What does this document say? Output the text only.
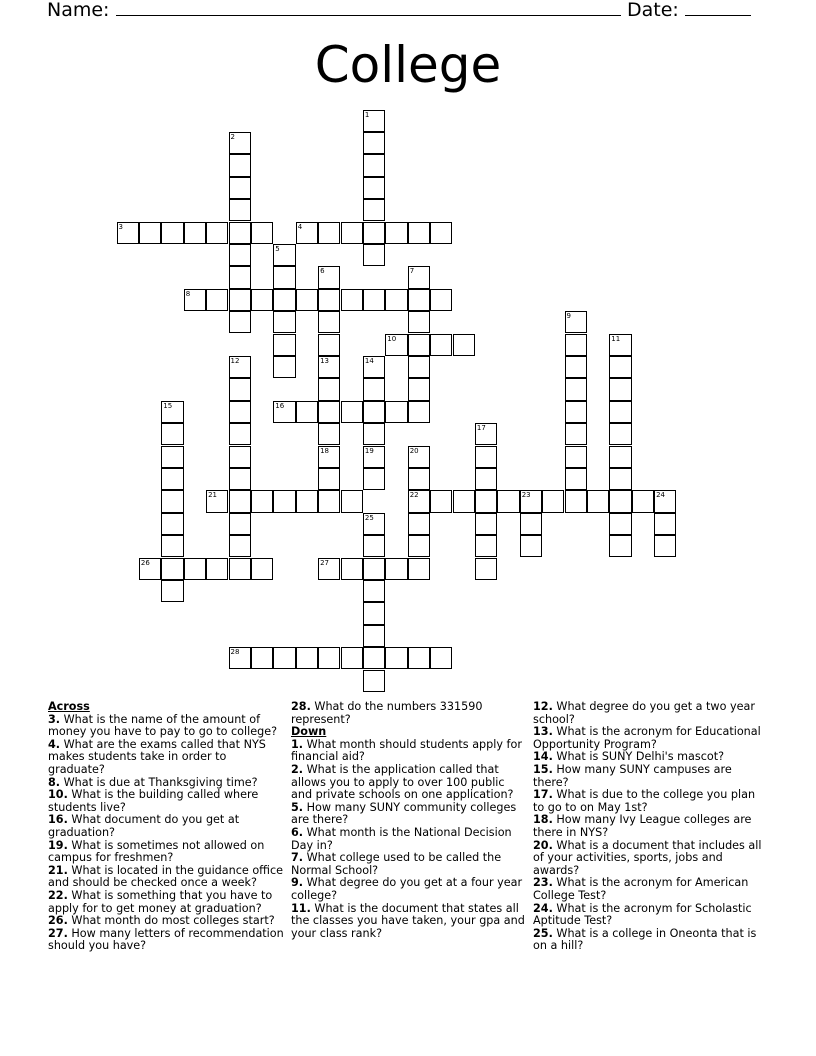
Name:	Date:
College
1
2
3	4
5
6	7
8
9
10	11
12	13	14
19
15	16
17
18	20
22
21	23	24
25
26	27
28
Across
3. What is the name of the amount of money you have to pay to go to college?
4. What are the exams called that NYS makes students take in order to graduate?
8. What is due at Thanksgiving time?
10. What is the building called where students live?
16. What document do you get at graduation?
19. What is sometimes not allowed on campus for freshmen?
21. What is located in the guidance office and should be checked once a week?
22. What is something that you have to apply for to get money at graduation?
26. What month do most colleges start?
27. How many letters of recommendation should you have?
28. What do the numbers 331590 represent?
Down
1. What month should students apply for financial aid?
2. What is the application called that allows you to apply to over 100 public and private schools on one application?
5. How many SUNY community colleges are there?
6. What month is the National Decision Day in?
7. What college used to be called the Normal School?
9. What degree do you get at a four year college?
11. What is the document that states all the classes you have taken, your gpa and your class rank?
12. What degree do you get a two year school?
13. What is the acronym for Educational Opportunity Program?
14. What is SUNY Delhi's mascot?
15. How many SUNY campuses are there?
17. What is due to the college you plan to go to on May 1st?
18. How many Ivy League colleges are there in NYS?
20. What is a document that includes all of your activities, sports, jobs and awards?
23. What is the acronym for American College Test?
24. What is the acronym for Scholastic Aptitude Test?
25. What is a college in Oneonta that is on a hill?
